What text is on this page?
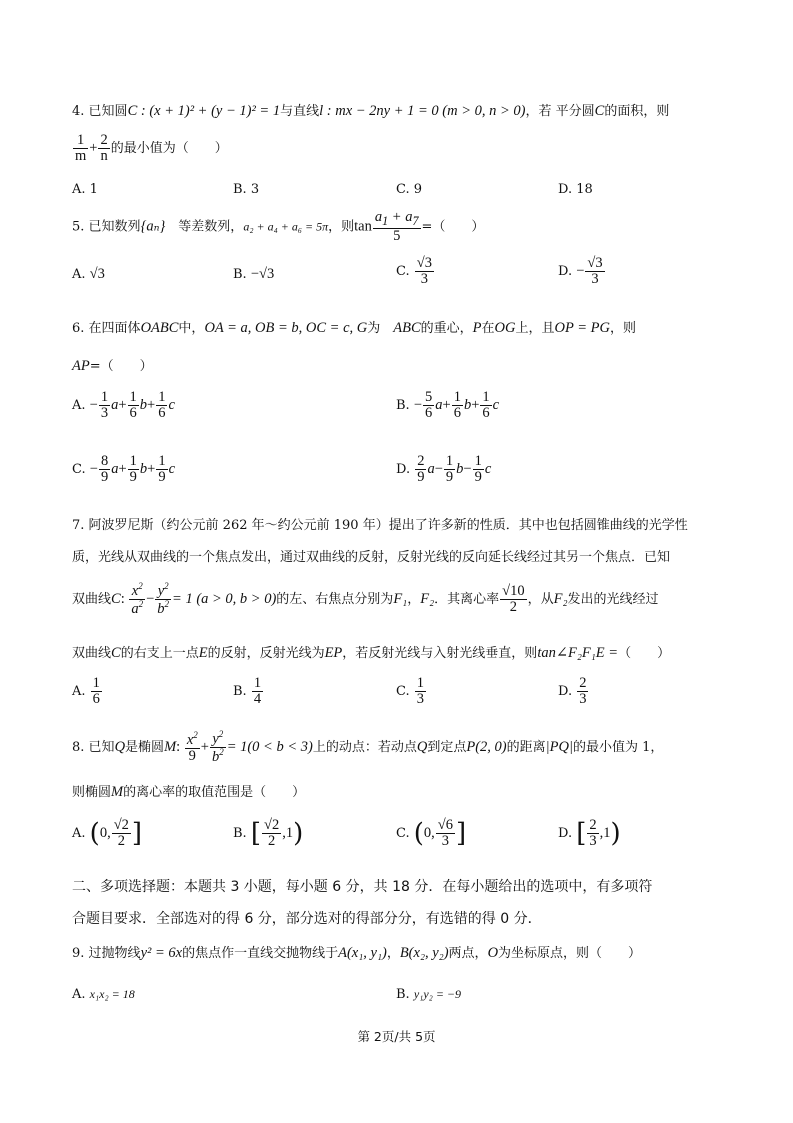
4. 已知圆C : (x + 1)² + (y − 1)² = 1与直线l : mx − 2ny + 1 = 0 (m > 0, n > 0)，若 平分圆C的面积，则
$\frac{1}{m} + \frac{2}{n}$ 的最小值为（　　）
A. 1	B. 3	C. 9	D. 18
5. 已知数列{aₙ}　等差数列，a₂ + a₄ + a₆ = 5π，则$\tan \frac{a_1 + a_7}{5}$ =（　　）
A. √3	B. −√3	C. $\frac{√3}{3}$	D. − $\frac{√3}{3}$
6. 在四面体OABC中，OA = a, OB = b, OC = c, G为　ABC的重心，P在OG上，且OP = PG，则
AP=（　　）
A. − $\frac{1}{3} a+ \frac{1}{6} b+ \frac{1}{6}$ c	B. − $\frac{5}{6} a+ \frac{1}{6} b+ \frac{1}{6}$ c
C. − $\frac{8}{9} a+ \frac{1}{9} b+ \frac{1}{9}$ c	D. $\frac{2}{9} a- \frac{1}{9} b- \frac{1}{9}$ c
7. 阿波罗尼斯（约公元前 262 年～约公元前 190 年）提出了许多新的性质．其中也包括圆锥曲线的光学性
质，光线从双曲线的一个焦点发出，通过双曲线的反射，反射光线的反向延长线经过其另一个焦点．已知
双曲线C: $\frac{x^2}{a^2} - \frac{y^2}{b^2} = 1$ (a > 0, b > 0)的左、右焦点分别为F₁，F₂．其离心率 $\frac{√10}{2}$ ，从F₂发出的光线经过
双曲线C的右支上一点E的反射，反射光线为EP，若反射光线与入射光线垂直，则tan∠F₂F₁E =（　　）
A. $\frac{1}{6}$	B. $\frac{1}{4}$	C. $\frac{1}{3}$	D. $\frac{2}{3}$
8. 已知Q是椭圆M: $\frac{x^2}{9} + \frac{y^2}{b^2} = 1(0 < b < 3)$上的动点：若动点Q到定点P(2, 0)的距离|PQ|的最小值为 1，
则椭圆M的离心率的取值范围是（　　）
A. (0, $\frac{√2}{2}$ ]	B. [ $\frac{√2}{2} ,1$)	C. (0, $\frac{√6}{3}$ ]	D. [ $\frac{2}{3} ,1$)
二、多项选择题：本题共 3 小题，每小题 6 分，共 18 分．在每小题给出的选项中，有多项符
合题目要求．全部选对的得 6 分，部分选对的得部分分，有选错的得 0 分．
9. 过抛物线y² = 6x的焦点作一直线交抛物线于A(x₁, y₁)，B(x₂, y₂)两点，O为坐标原点，则（　　）
A. x₁x₂ = 18	B. y₁y₂ = −9
第 2页/共 5页
